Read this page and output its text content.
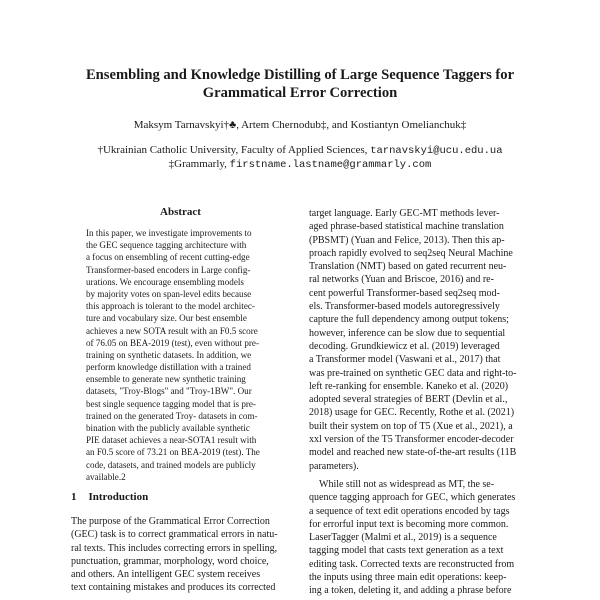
Ensembling and Knowledge Distilling of Large Sequence Taggers for
Grammatical Error Correction
Maksym Tarnavskyi†♣, Artem Chernodub‡, and Kostiantyn Omelianchuk‡
†Ukrainian Catholic University, Faculty of Applied Sciences, tarnavskyi@ucu.edu.ua
‡Grammarly, firstname.lastname@grammarly.com
Abstract
In this paper, we investigate improvements to
the GEC sequence tagging architecture with
a focus on ensembling of recent cutting-edge
Transformer-based encoders in Large config-
urations. We encourage ensembling models
by majority votes on span-level edits because
this approach is tolerant to the model architec-
ture and vocabulary size. Our best ensemble
achieves a new SOTA result with an F0.5 score
of 76.05 on BEA-2019 (test), even without pre-
training on synthetic datasets. In addition, we
perform knowledge distillation with a trained
ensemble to generate new synthetic training
datasets, "Troy-Blogs" and "Troy-1BW". Our
best single sequence tagging model that is pre-
trained on the generated Troy- datasets in com-
bination with the publicly available synthetic
PIE dataset achieves a near-SOTA1 result with
an F0.5 score of 73.21 on BEA-2019 (test). The
code, datasets, and trained models are publicly
available.2
1 Introduction
The purpose of the Grammatical Error Correction
(GEC) task is to correct grammatical errors in natu-
ral texts. This includes correcting errors in spelling,
punctuation, grammar, morphology, word choice,
and others. An intelligent GEC system receives
text containing mistakes and produces its corrected
target language. Early GEC-MT methods lever-
aged phrase-based statistical machine translation
(PBSMT) (Yuan and Felice, 2013). Then this ap-
proach rapidly evolved to seq2seq Neural Machine
Translation (NMT) based on gated recurrent neu-
ral networks (Yuan and Briscoe, 2016) and re-
cent powerful Transformer-based seq2seq mod-
els. Transformer-based models autoregressively
capture the full dependency among output tokens;
however, inference can be slow due to sequential
decoding. Grundkiewicz et al. (2019) leveraged
a Transformer model (Vaswani et al., 2017) that
was pre-trained on synthetic GEC data and right-to-
left re-ranking for ensemble. Kaneko et al. (2020)
adopted several strategies of BERT (Devlin et al.,
2018) usage for GEC. Recently, Rothe et al. (2021)
built their system on top of T5 (Xue et al., 2021), a
xxl version of the T5 Transformer encoder-decoder
model and reached new state-of-the-art results (11B
parameters).
While still not as widespread as MT, the se-
quence tagging approach for GEC, which generates
a sequence of text edit operations encoded by tags
for errorful input text is becoming more common.
LaserTagger (Malmi et al., 2019) is a sequence
tagging model that casts text generation as a text
editing task. Corrected texts are reconstructed from
the inputs using three main edit operations: keep-
ing a token, deleting it, and adding a phrase before
